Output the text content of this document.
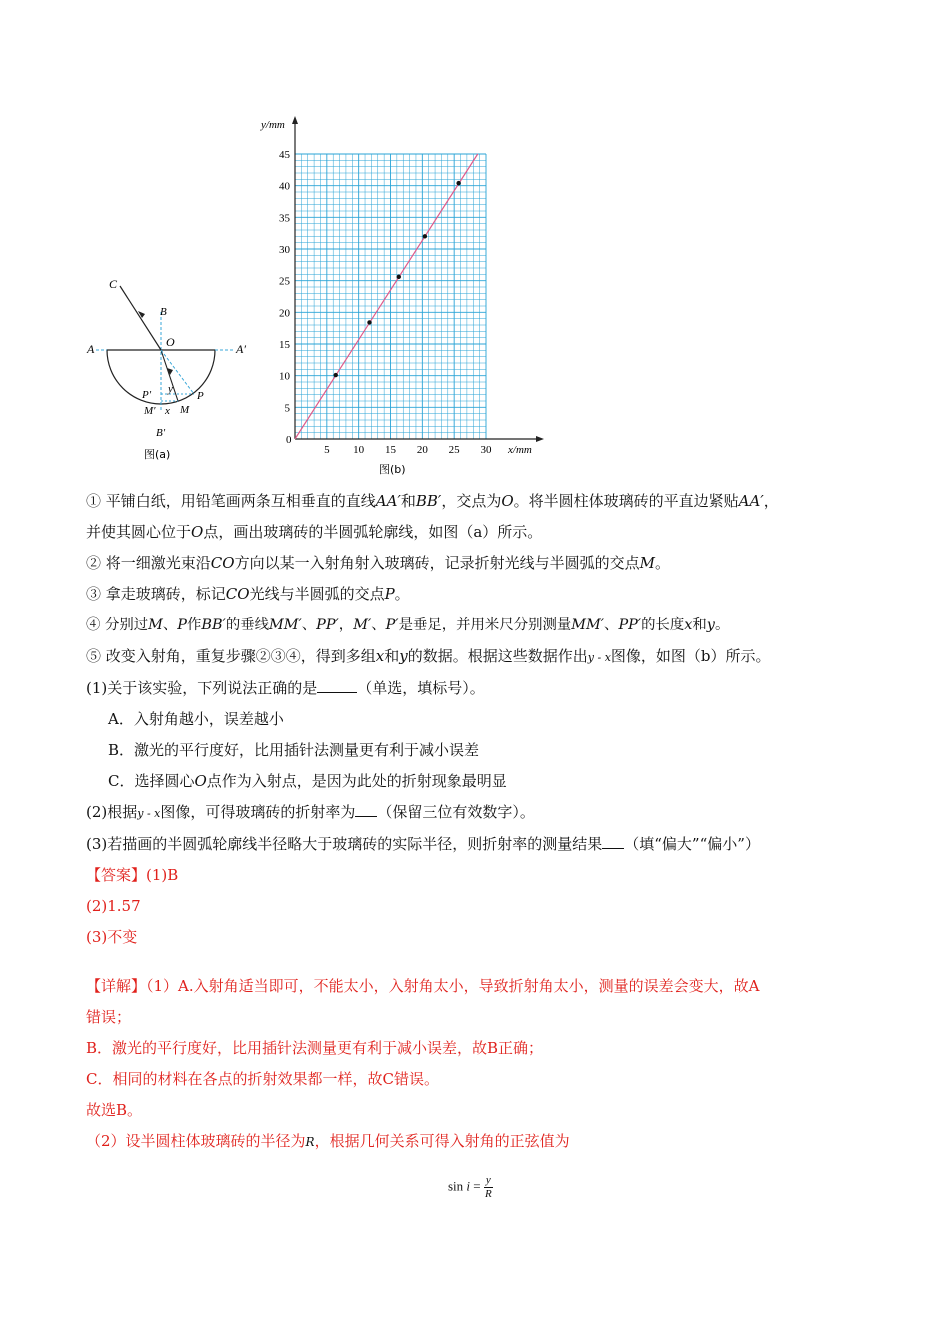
C
B
O
A	A′
P′ y
P
M′ x M
B′
图(a)	5 10 15 20 25 30
5
10
15
20
25
30
35
40
45
y/mm
x/mm
0
图(b)
① 平铺白纸，用铅笔画两条互相垂直的直线AA′和BB′，交点为O。将半圆柱体玻璃砖的平直边紧贴AA′，
并使其圆心位于O点，画出玻璃砖的半圆弧轮廓线，如图（a）所示。
② 将一细激光束沿CO方向以某一入射角射入玻璃砖，记录折射光线与半圆弧的交点M。
③ 拿走玻璃砖，标记CO光线与半圆弧的交点P。
④ 分别过M、P作BB′的垂线MM′、PP′，M′、P′是垂足，并用米尺分别测量MM′、PP′的长度x和y。
⑤ 改变入射角，重复步骤②③④，得到多组x和y的数据。根据这些数据作出y - x图像，如图（b）所示。
(1)关于该实验，下列说法正确的是	（单选，填标号）。
A．入射角越小，误差越小
B．激光的平行度好，比用插针法测量更有利于减小误差
C．选择圆心O点作为入射点，是因为此处的折射现象最明显
(2)根据y - x图像，可得玻璃砖的折射率为 （保留三位有效数字）。
(3)若描画的半圆弧轮廓线半径略大于玻璃砖的实际半径，则折射率的测量结果 （填“偏大”“偏小”）
【答案】(1)B
(2)1.57
(3)不变
【详解】（1）A.入射角适当即可，不能太小，入射角太小，导致折射角太小，测量的误差会变大，故A
错误；
B．激光的平行度好，比用插针法测量更有利于减小误差，故B正确；
C．相同的材料在各点的折射效果都一样，故C错误。
故选B。
（2）设半圆柱体玻璃砖的半径为R，根据几何关系可得入射角的正弦值为
$\sin i = \frac{y}{R}$
